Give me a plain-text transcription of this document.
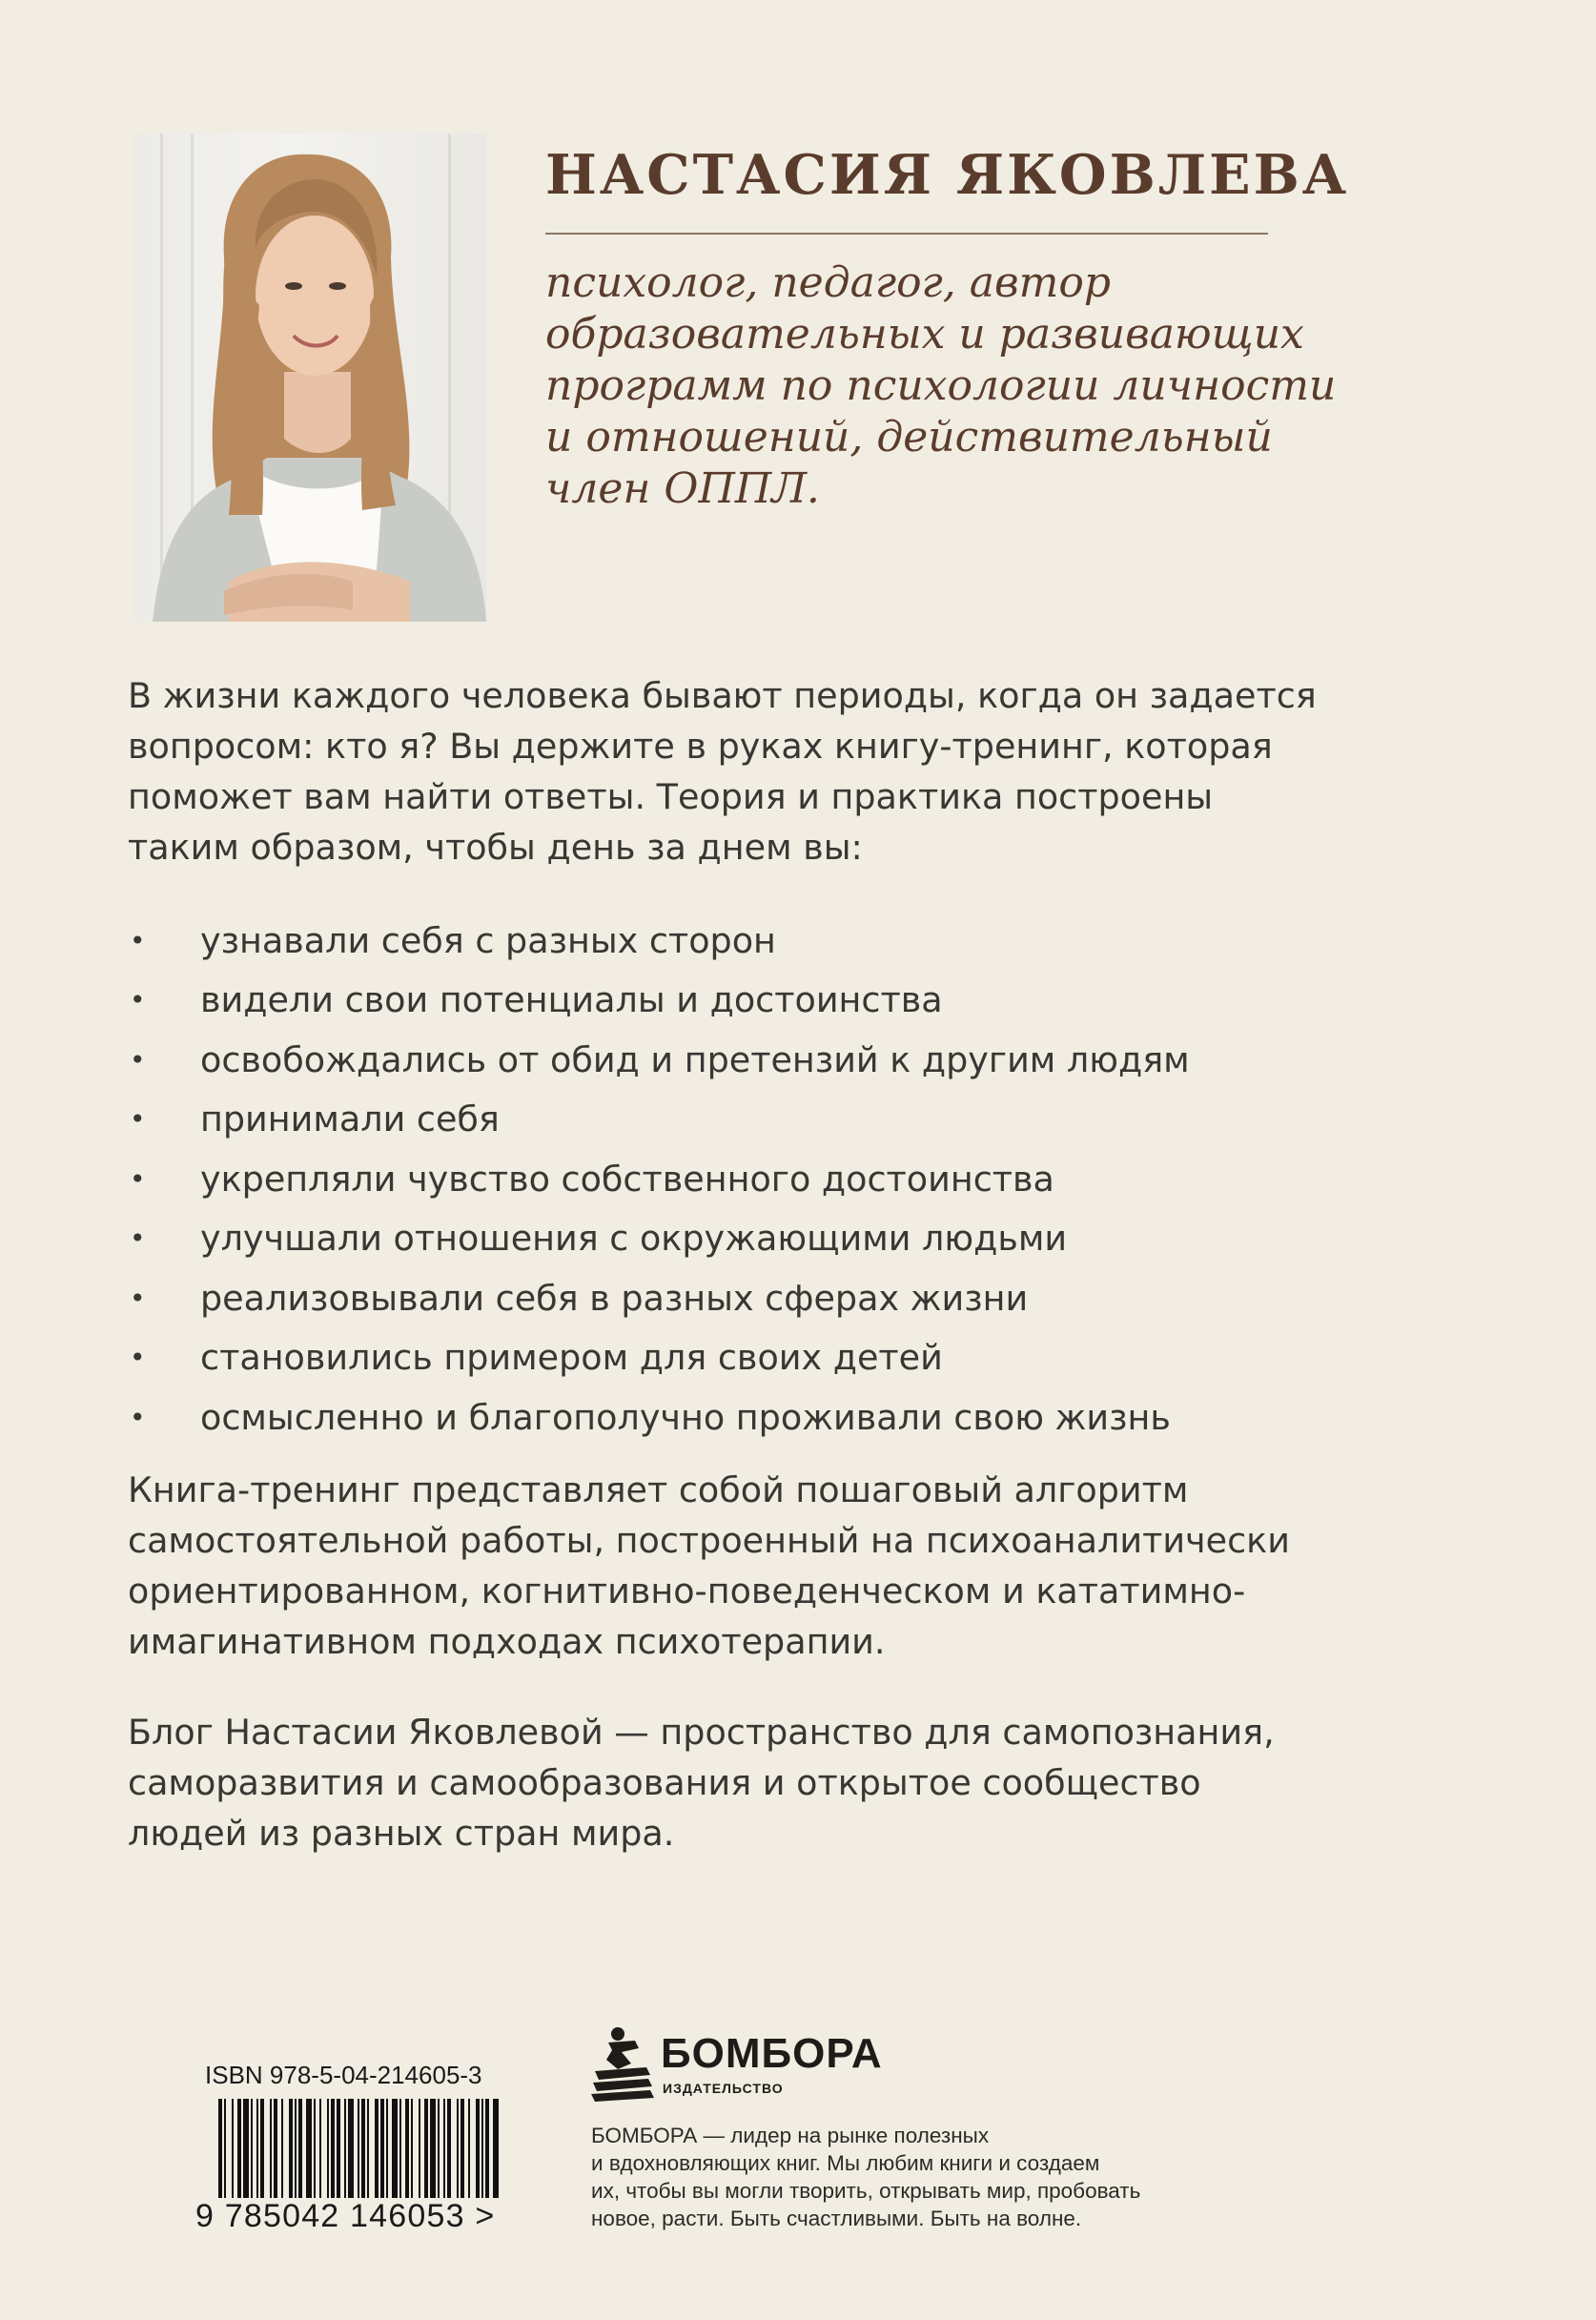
НАСТАСИЯ ЯКОВЛЕВА

психолог, педагог, автор
образовательных и развивающих
программ по психологии личности
и отношений, действительный
член ОППЛ.

В жизни каждого человека бывают периоды, когда он задается
вопросом: кто я? Вы держите в руках книгу-тренинг, которая
поможет вам найти ответы. Теория и практика построены
таким образом, чтобы день за днем вы:

•	узнавали себя с разных сторон
•	видели свои потенциалы и достоинства
•	освобождались от обид и претензий к другим людям
•	принимали себя
•	укрепляли чувство собственного достоинства
•	улучшали отношения с окружающими людьми
•	реализовывали себя в разных сферах жизни
•	становились примером для своих детей
•	осмысленно и благополучно проживали свою жизнь

Книга-тренинг представляет собой пошаговый алгоритм
самостоятельной работы, построенный на психоаналитически
ориентированном, когнитивно-поведенческом и кататимно-
имагинативном подходах психотерапии.

Блог Настасии Яковлевой — пространство для самопознания,
саморазвития и самообразования и открытое сообщество
людей из разных стран мира.

ISBN 978-5-04-214605-3
9 785042 146053 >
БОМБОРА
ИЗДАТЕЛЬСТВО

БОМБОРА — лидер на рынке полезных
и вдохновляющих книг. Мы любим книги и создаем
их, чтобы вы могли творить, открывать мир, пробовать
новое, расти. Быть счастливыми. Быть на волне.
